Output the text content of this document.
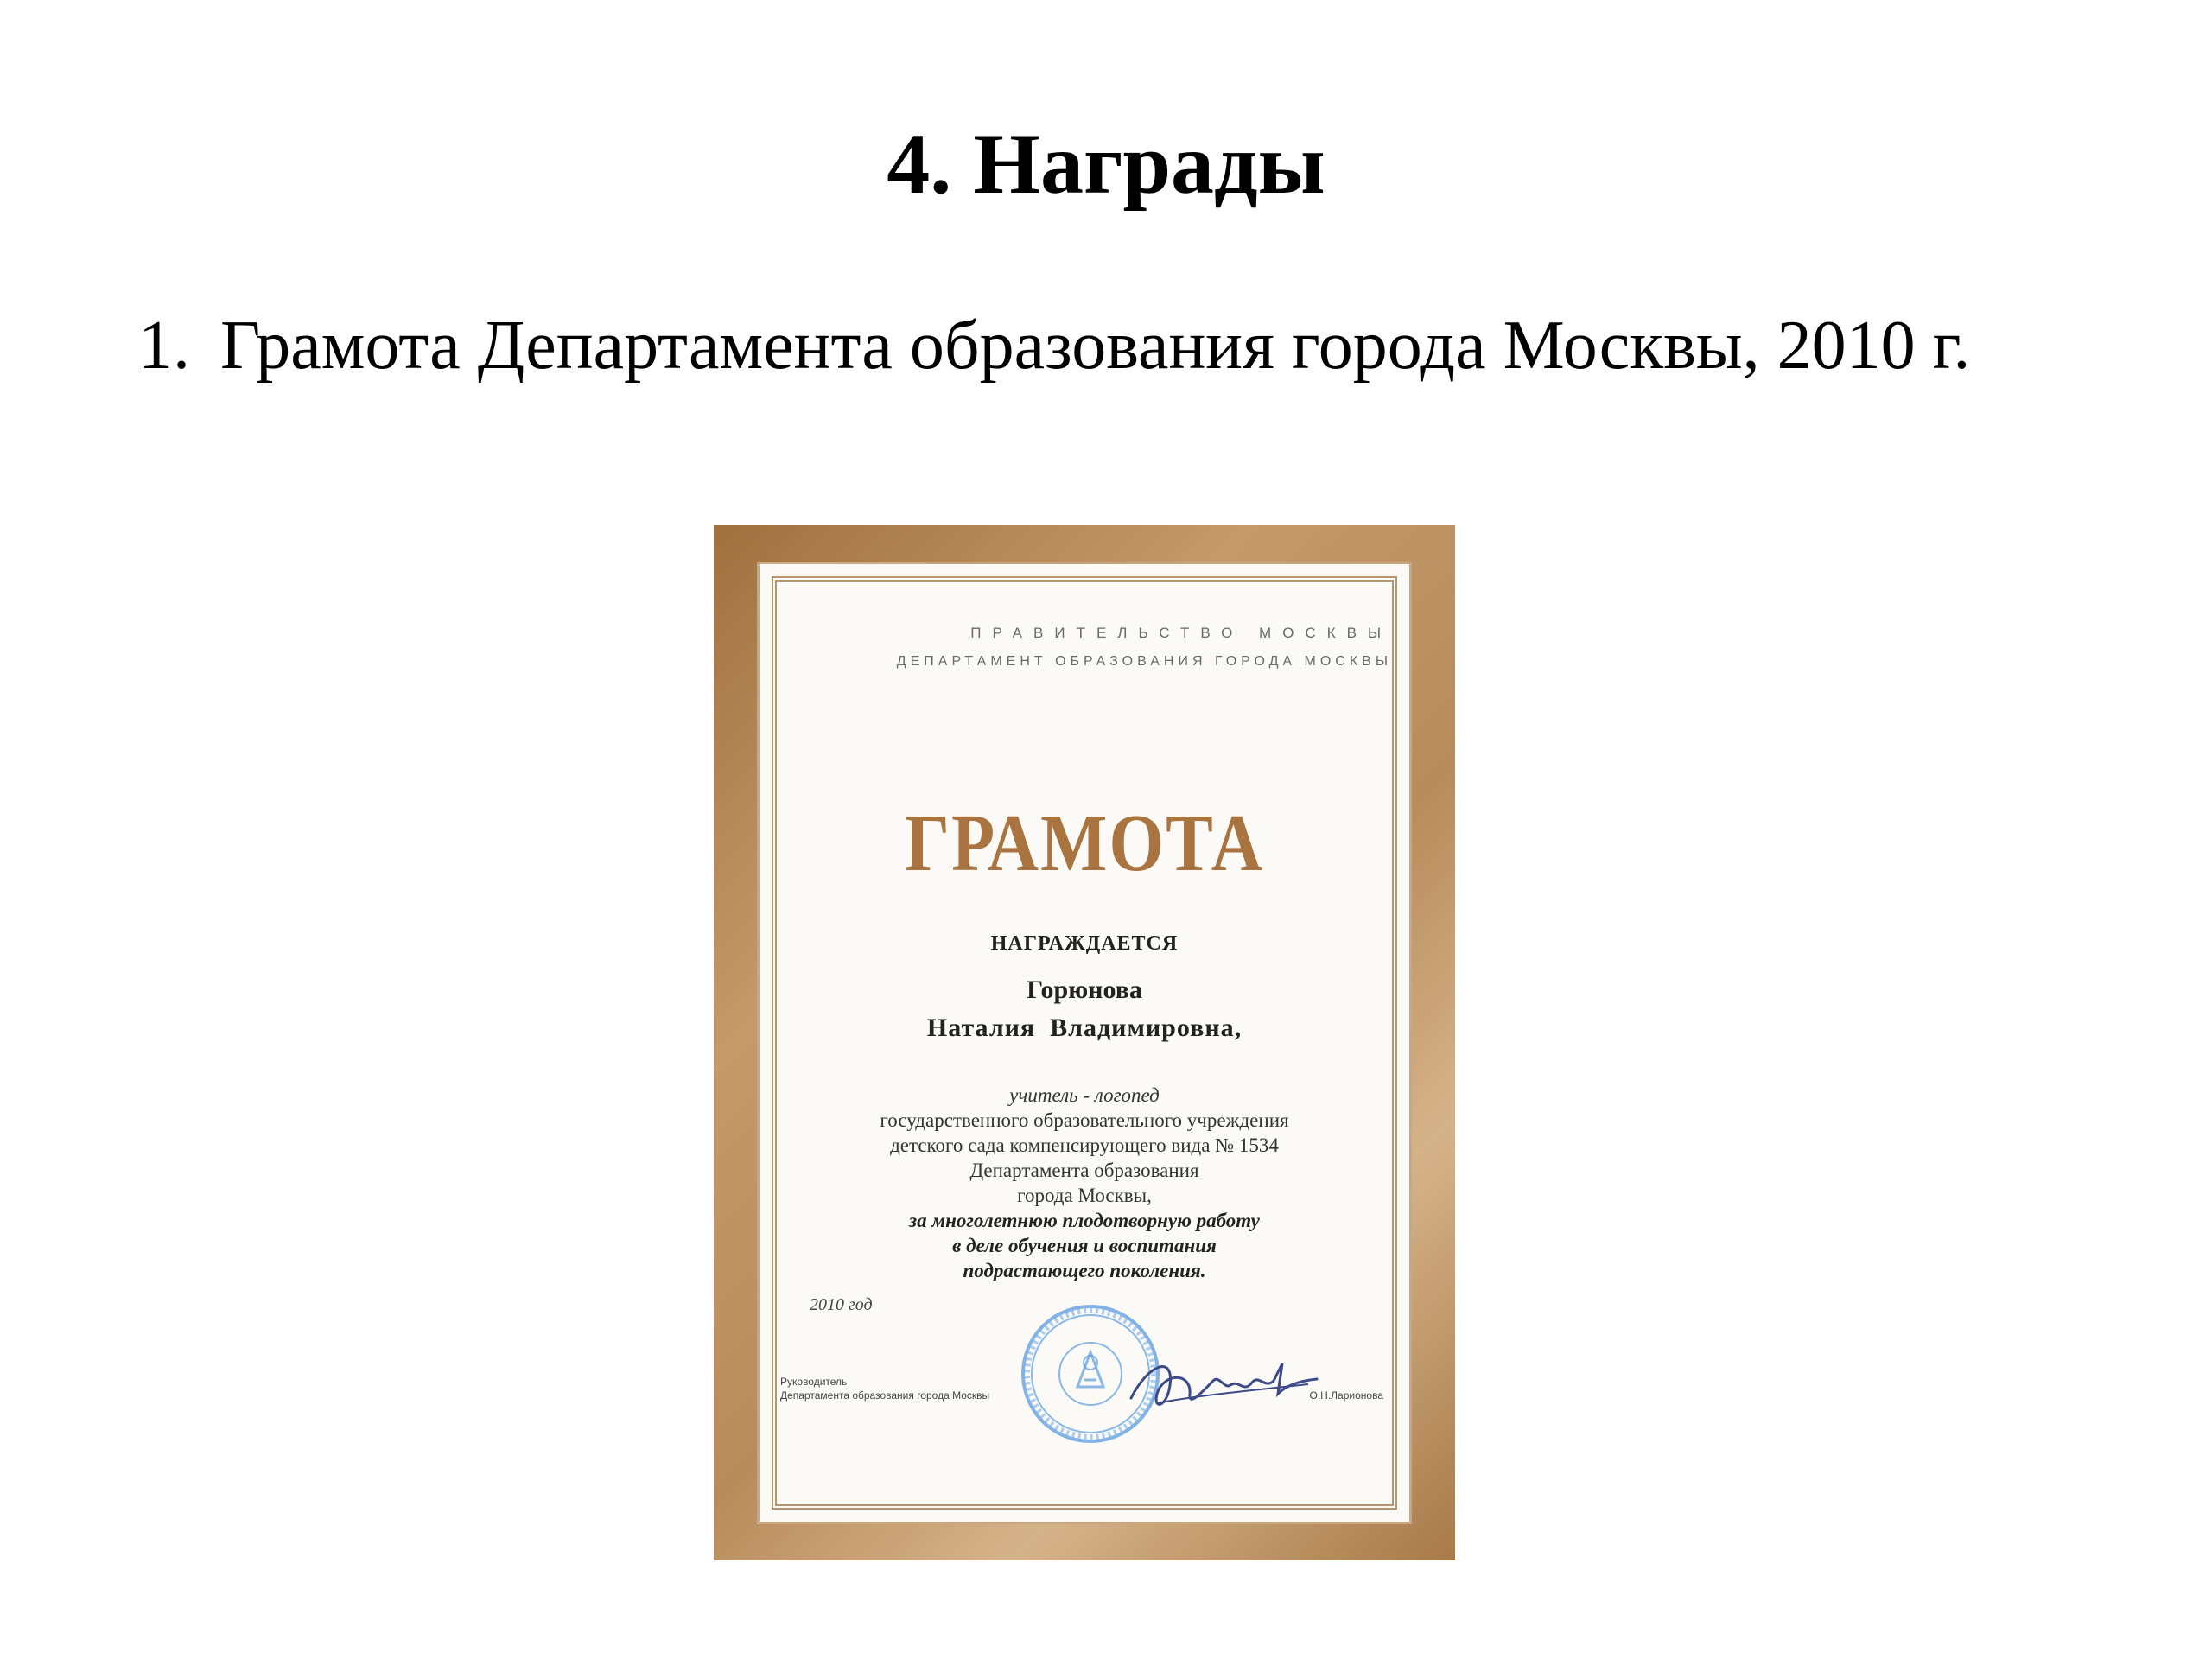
4. Награды
1. Грамота Департамента образования города Москвы, 2010 г.
ПРАВИТЕЛЬСТВО МОСКВЫ
ДЕПАРТАМЕНТ ОБРАЗОВАНИЯ ГОРОДА МОСКВЫ
ГРАМОТА
НАГРАЖДАЕТСЯ
Горюнова
Наталия  Владимировна,
учитель - логопед
государственного образовательного учреждения
детского сада компенсирующего вида № 1534
Департамента образования
города Москвы,
за многолетнюю плодотворную работу
в деле обучения и воспитания
подрастающего поколения.
2010 год
Руководитель
Департамента образования города Москвы	О.Н.Ларионова
